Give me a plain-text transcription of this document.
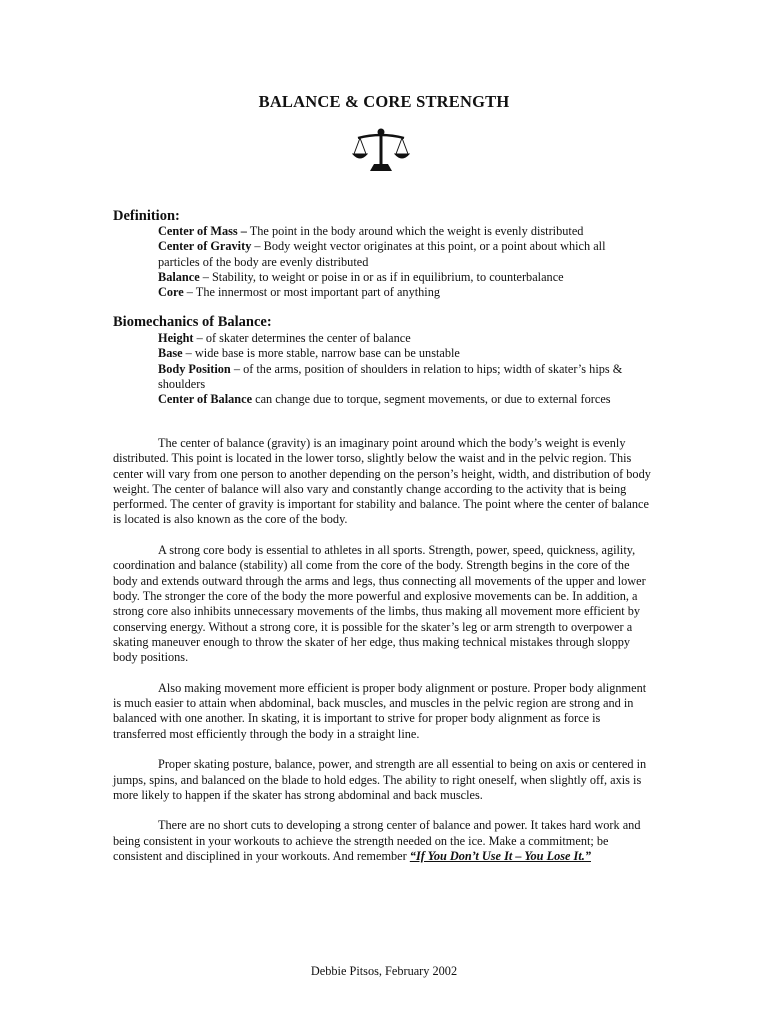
BALANCE & CORE STRENGTH
Definition:
Center of Mass – The point in the body around which the weight is evenly distributed
Center of Gravity – Body weight vector originates at this point, or a point about which all particles of the body are evenly distributed
Balance – Stability, to weight or poise in or as if in equilibrium, to counterbalance
Core – The innermost or most important part of anything
Biomechanics of Balance:
Height – of skater determines the center of balance
Base – wide base is more stable, narrow base can be unstable
Body Position – of the arms, position of shoulders in relation to hips; width of skater’s hips & shoulders
Center of Balance can change due to torque, segment movements, or due to external forces

The center of balance (gravity) is an imaginary point around which the body’s weight is evenly distributed. This point is located in the lower torso, slightly below the waist and in the pelvic region. This center will vary from one person to another depending on the person’s height, width, and distribution of body weight. The center of balance will also vary and constantly change according to the activity that is being performed. The center of gravity is important for stability and balance. The point where the center of balance is located is also known as the core of the body.

A strong core body is essential to athletes in all sports. Strength, power, speed, quickness, agility, coordination and balance (stability) all come from the core of the body. Strength begins in the core of the body and extends outward through the arms and legs, thus connecting all movements of the upper and lower body. The stronger the core of the body the more powerful and explosive movements can be. In addition, a strong core also inhibits unnecessary movements of the limbs, thus making all movement more efficient by conserving energy. Without a strong core, it is possible for the skater’s leg or arm strength to overpower a skating maneuver enough to throw the skater of her edge, thus making technical mistakes through sloppy body positions.

Also making movement more efficient is proper body alignment or posture. Proper body alignment is much easier to attain when abdominal, back muscles, and muscles in the pelvic region are strong and in balanced with one another. In skating, it is important to strive for proper body alignment as force is transferred most efficiently through the body in a straight line.

Proper skating posture, balance, power, and strength are all essential to being on axis or centered in jumps, spins, and balanced on the blade to hold edges. The ability to right oneself, when slightly off, axis is more likely to happen if the skater has strong abdominal and back muscles.

There are no short cuts to developing a strong center of balance and power. It takes hard work and being consistent in your workouts to achieve the strength needed on the ice. Make a commitment; be consistent and disciplined in your workouts. And remember “If You Don’t Use It – You Lose It.”

Debbie Pitsos, February 2002
